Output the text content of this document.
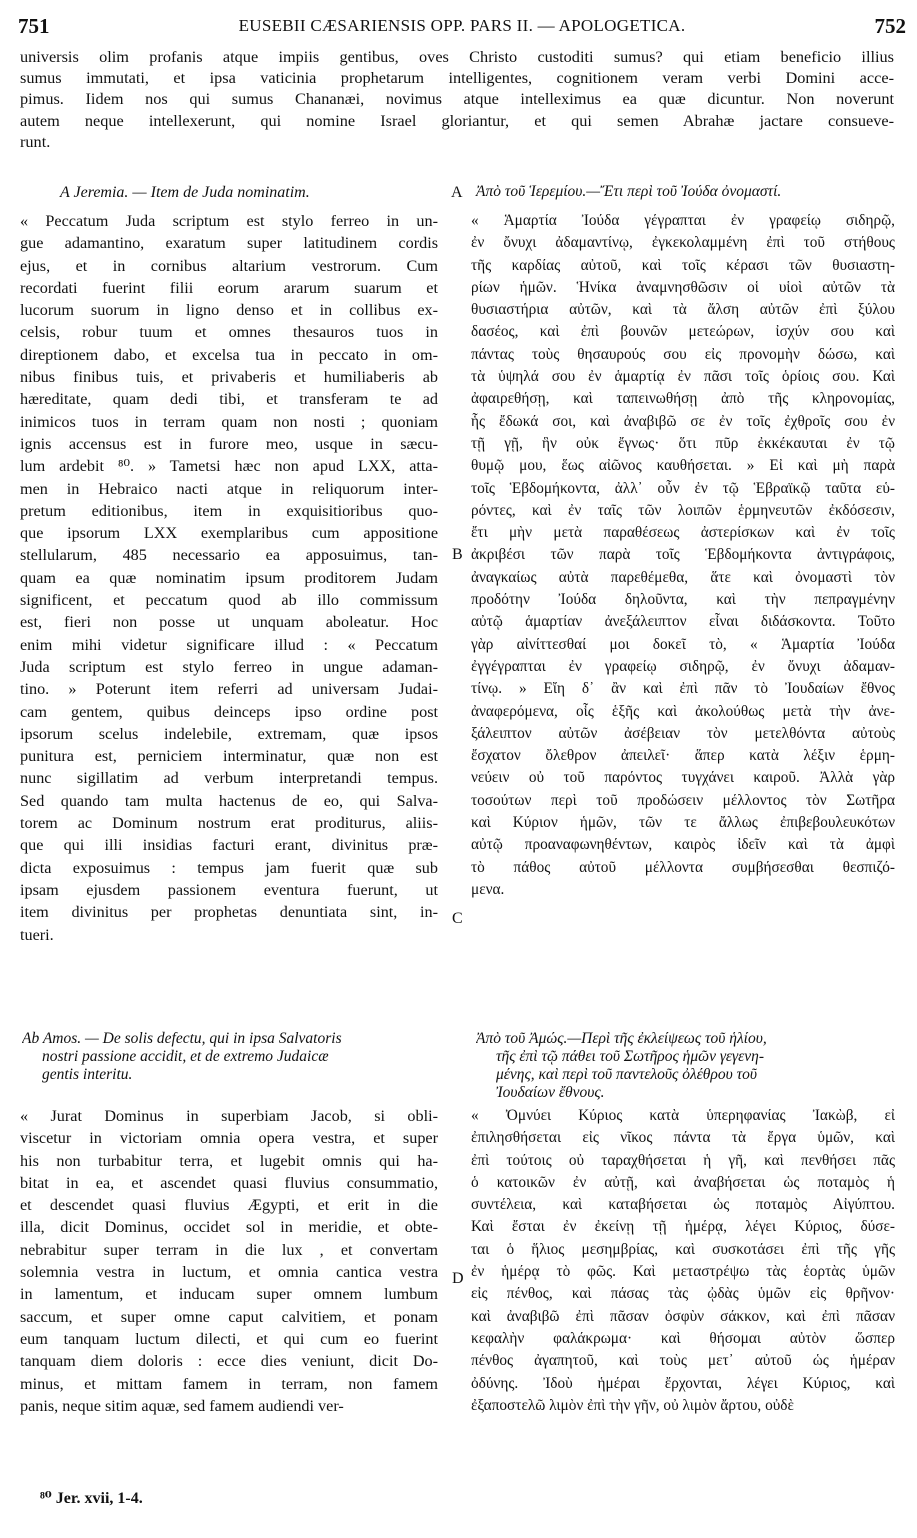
751	EUSEBII CÆSARIENSIS OPP. PARS II. — APOLOGETICA.	752
universis olim profanis atque impiis gentibus, oves Christo custoditi sumus? qui etiam beneficio illius
sumus immutati, et ipsa vaticinia prophetarum intelligentes, cognitionem veram verbi Domini acce-
pimus. Iidem nos qui sumus Chananæi, novimus atque intelleximus ea quæ dicuntur. Non noverunt
autem neque intellexerunt, qui nomine Israel gloriantur, et qui semen Abrahæ jactare consueve-
runt.
A Jeremia. — Item de Juda nominatim.	A Ἀπὸ τοῦ Ἱερεμίου.—Ἔτι περὶ τοῦ Ἰούδα ὀνομαστί.
« Peccatum Juda scriptum est stylo ferreo in un-
gue adamantino, exaratum super latitudinem cordis
ejus, et in cornibus altarium vestrorum. Cum
recordati fuerint filii eorum ararum suarum et
lucorum suorum in ligno denso et in collibus ex-
celsis, robur tuum et omnes thesauros tuos in
direptionem dabo, et excelsa tua in peccato in om-
nibus finibus tuis, et privaberis et humiliaberis ab
hæreditate, quam dedi tibi, et transferam te ad
inimicos tuos in terram quam non nosti ; quoniam
ignis accensus est in furore meo, usque in sæcu-
lum ardebit ⁸⁰. » Tametsi hæc non apud LXX, atta-
men in Hebraico nacti atque in reliquorum inter-
pretum editionibus, item in exquisitioribus quo-
que ipsorum LXX exemplaribus cum appositione
stellularum, 485 necessario ea apposuimus, tan-
quam ea quæ nominatim ipsum proditorem Judam
significent, et peccatum quod ab illo commissum
est, fieri non posse ut unquam aboleatur. Hoc
enim mihi videtur significare illud : « Peccatum
Juda scriptum est stylo ferreo in ungue adaman-
tino. » Poterunt item referri ad universam Judai-
cam gentem, quibus deinceps ipso ordine post
ipsorum scelus indelebile, extremam, quæ ipsos
punitura est, perniciem interminatur, quæ non est
nunc sigillatim ad verbum interpretandi tempus.
Sed quando tam multa hactenus de eo, qui Salva-
torem ac Dominum nostrum erat proditurus, aliis-
que qui illi insidias facturi erant, divinitus præ-
dicta exposuimus : tempus jam fuerit quæ sub
ipsam ejusdem passionem eventura fuerunt, ut
item divinitus per prophetas denuntiata sint, in-
tueri.
« Ἁμαρτία Ἰούδα γέγραπται ἐν γραφείῳ σιδηρῷ,
ἐν ὄνυχι ἀδαμαντίνῳ, ἐγκεκολαμμένη ἐπὶ τοῦ στήθους
τῆς καρδίας αὐτοῦ, καὶ τοῖς κέρασι τῶν θυσιαστη-
ρίων ἡμῶν. Ἡνίκα ἀναμνησθῶσιν οἱ υἱοὶ αὐτῶν τὰ
θυσιαστήρια αὐτῶν, καὶ τὰ ἄλση αὐτῶν ἐπὶ ξύλου
δασέος, καὶ ἐπὶ βουνῶν μετεώρων, ἰσχύν σου καὶ
πάντας τοὺς θησαυρούς σου εἰς προνομὴν δώσω, καὶ
τὰ ὑψηλά σου ἐν ἁμαρτίᾳ ἐν πᾶσι τοῖς ὁρίοις σου. Καὶ
ἀφαιρεθήσῃ, καὶ ταπεινωθήσῃ ἀπὸ τῆς κληρονομίας,
ἧς ἔδωκά σοι, καὶ ἀναβιβῶ σε ἐν τοῖς ἐχθροῖς σου ἐν
τῇ γῇ, ἣν οὐκ ἔγνως· ὅτι πῦρ ἐκκέκαυται ἐν τῷ
θυμῷ μου, ἕως αἰῶνος καυθήσεται. » Εἰ καὶ μὴ παρὰ
τοῖς Ἑβδομήκοντα, ἀλλ᾿ οὖν ἐν τῷ Ἑβραϊκῷ ταῦτα εὑ-
ρόντες, καὶ ἐν ταῖς τῶν λοιπῶν ἑρμηνευτῶν ἐκδόσεσιν,
ἔτι μὴν μετὰ παραθέσεως ἀστερίσκων καὶ ἐν τοῖς
ἀκριβέσι τῶν παρὰ τοῖς Ἑβδομήκοντα ἀντιγράφοις,
ἀναγκαίως αὐτὰ παρεθέμεθα, ἅτε καὶ ὀνομαστὶ τὸν
προδότην Ἰούδα δηλοῦντα, καὶ τὴν πεπραγμένην
αὐτῷ ἁμαρτίαν ἀνεξάλειπτον εἶναι διδάσκοντα. Τοῦτο
γὰρ αἰνίττεσθαί μοι δοκεῖ τὸ, « Ἁμαρτία Ἰούδα
ἐγγέγραπται ἐν γραφείῳ σιδηρῷ, ἐν ὄνυχι ἀδαμαν-
τίνῳ. » Εἴη δ᾿ ἂν καὶ ἐπὶ πᾶν τὸ Ἰουδαίων ἔθνος
ἀναφερόμενα, οἷς ἑξῆς καὶ ἀκολούθως μετὰ τὴν ἀνε-
ξάλειπτον αὐτῶν ἀσέβειαν τὸν μετελθόντα αὐτοὺς
ἔσχατον ὄλεθρον ἀπειλεῖ· ἅπερ κατὰ λέξιν ἑρμη-
νεύειν οὐ τοῦ παρόντος τυγχάνει καιροῦ. Ἀλλὰ γὰρ
τοσούτων περὶ τοῦ προδώσειν μέλλοντος τὸν Σωτῆρα
καὶ Κύριον ἡμῶν, τῶν τε ἄλλως ἐπιβεβουλευκότων
αὐτῷ προαναφωνηθέντων, καιρὸς ἰδεῖν καὶ τὰ ἀμφὶ
τὸ πάθος αὐτοῦ μέλλοντα συμβήσεσθαι θεσπιζό-
μενα.
B
C
Ab Amos. — De solis defectu, qui in ipsa Salvatoris
nostri passione accidit, et de extremo Judaicæ
gentis interitu.
Ἀπὸ τοῦ Ἀμώς.—Περὶ τῆς ἐκλείψεως τοῦ ἡλίου,
τῆς ἐπὶ τῷ πάθει τοῦ Σωτῆρος ἡμῶν γεγενη-
μένης, καὶ περὶ τοῦ παντελοῦς ὀλέθρου τοῦ
Ἰουδαίων ἔθνους.
« Jurat Dominus in superbiam Jacob, si obli-
viscetur in victoriam omnia opera vestra, et super
his non turbabitur terra, et lugebit omnis qui ha-
bitat in ea, et ascendet quasi fluvius consummatio,
et descendet quasi fluvius Ægypti, et erit in die
illa, dicit Dominus, occidet sol in meridie, et obte-
nebrabitur super terram in die lux , et convertam
solemnia vestra in luctum, et omnia cantica vestra
in lamentum, et inducam super omnem lumbum
saccum, et super omne caput calvitiem, et ponam
eum tanquam luctum dilecti, et qui cum eo fuerint
tanquam diem doloris : ecce dies veniunt, dicit Do-
minus, et mittam famem in terram, non famem
panis, neque sitim aquæ, sed famem audiendi ver-
« Ὀμνύει Κύριος κατὰ ὑπερηφανίας Ἰακὼβ, εἰ
ἐπιλησθήσεται εἰς νῖκος πάντα τὰ ἔργα ὑμῶν, καὶ
ἐπὶ τούτοις οὐ ταραχθήσεται ἡ γῆ, καὶ πενθήσει πᾶς
ὁ κατοικῶν ἐν αὐτῇ, καὶ ἀναβήσεται ὡς ποταμὸς ἡ
συντέλεια, καὶ καταβήσεται ὡς ποταμὸς Αἰγύπτου.
Καὶ ἔσται ἐν ἐκείνῃ τῇ ἡμέρᾳ, λέγει Κύριος, δύσε-
ται ὁ ἥλιος μεσημβρίας, καὶ συσκοτάσει ἐπὶ τῆς γῆς
ἐν ἡμέρᾳ τὸ φῶς. Καὶ μεταστρέψω τὰς ἑορτὰς ὑμῶν
εἰς πένθος, καὶ πάσας τὰς ᾠδὰς ὑμῶν εἰς θρῆνον·
καὶ ἀναβιβῶ ἐπὶ πᾶσαν ὀσφὺν σάκκον, καὶ ἐπὶ πᾶσαν
κεφαλὴν φαλάκρωμα· καὶ θήσομαι αὐτὸν ὥσπερ
πένθος ἀγαπητοῦ, καὶ τοὺς μετ᾿ αὐτοῦ ὡς ἡμέραν
ὀδύνης. Ἰδοὺ ἡμέραι ἔρχονται, λέγει Κύριος, καὶ
ἐξαποστελῶ λιμὸν ἐπὶ τὴν γῆν, οὐ λιμὸν ἄρτου, οὐδὲ
D
⁸⁰ Jer. xvii, 1-4.
